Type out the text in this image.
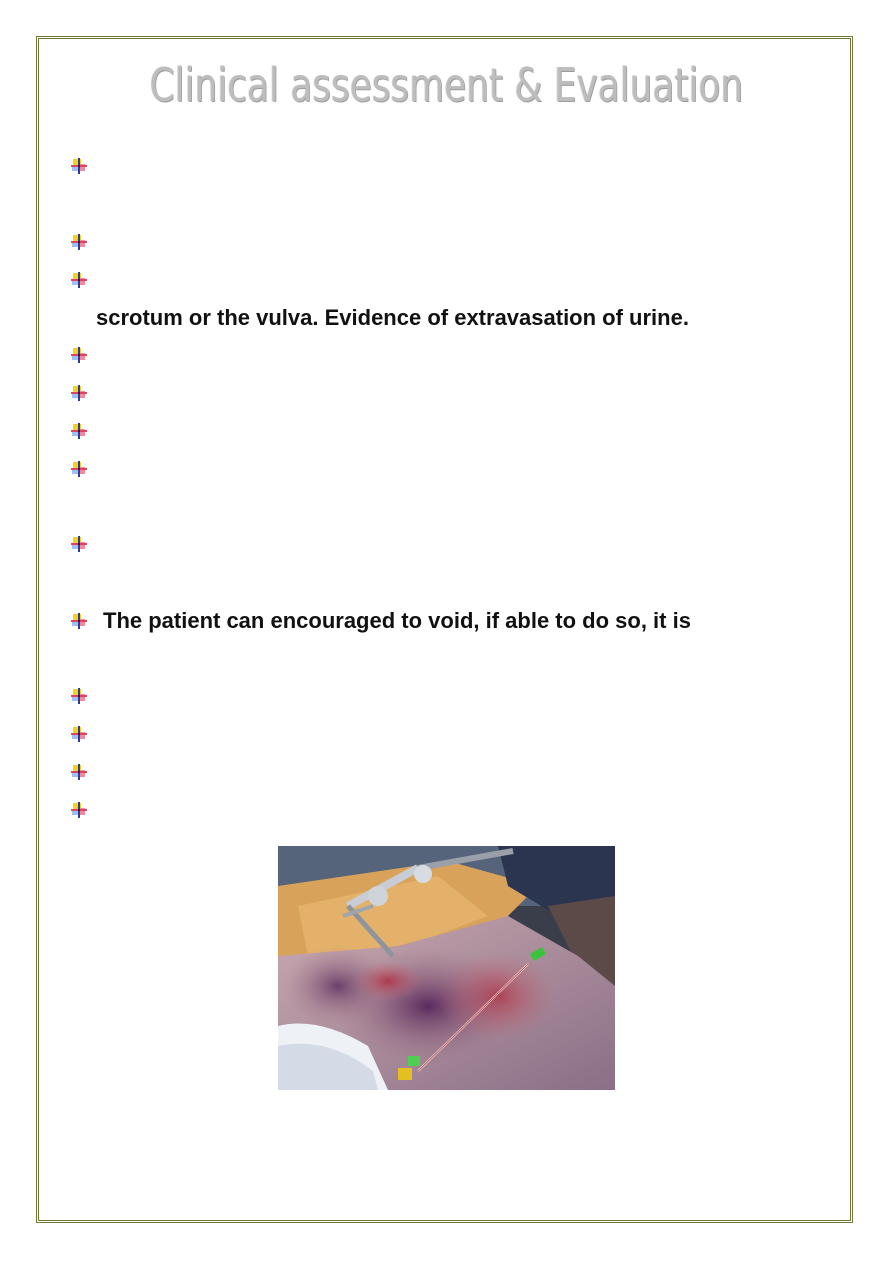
Clinical assessment & Evaluation
scrotum or the vulva. Evidence of extravasation of urine.
The patient can encouraged to void, if able to do so, it is
